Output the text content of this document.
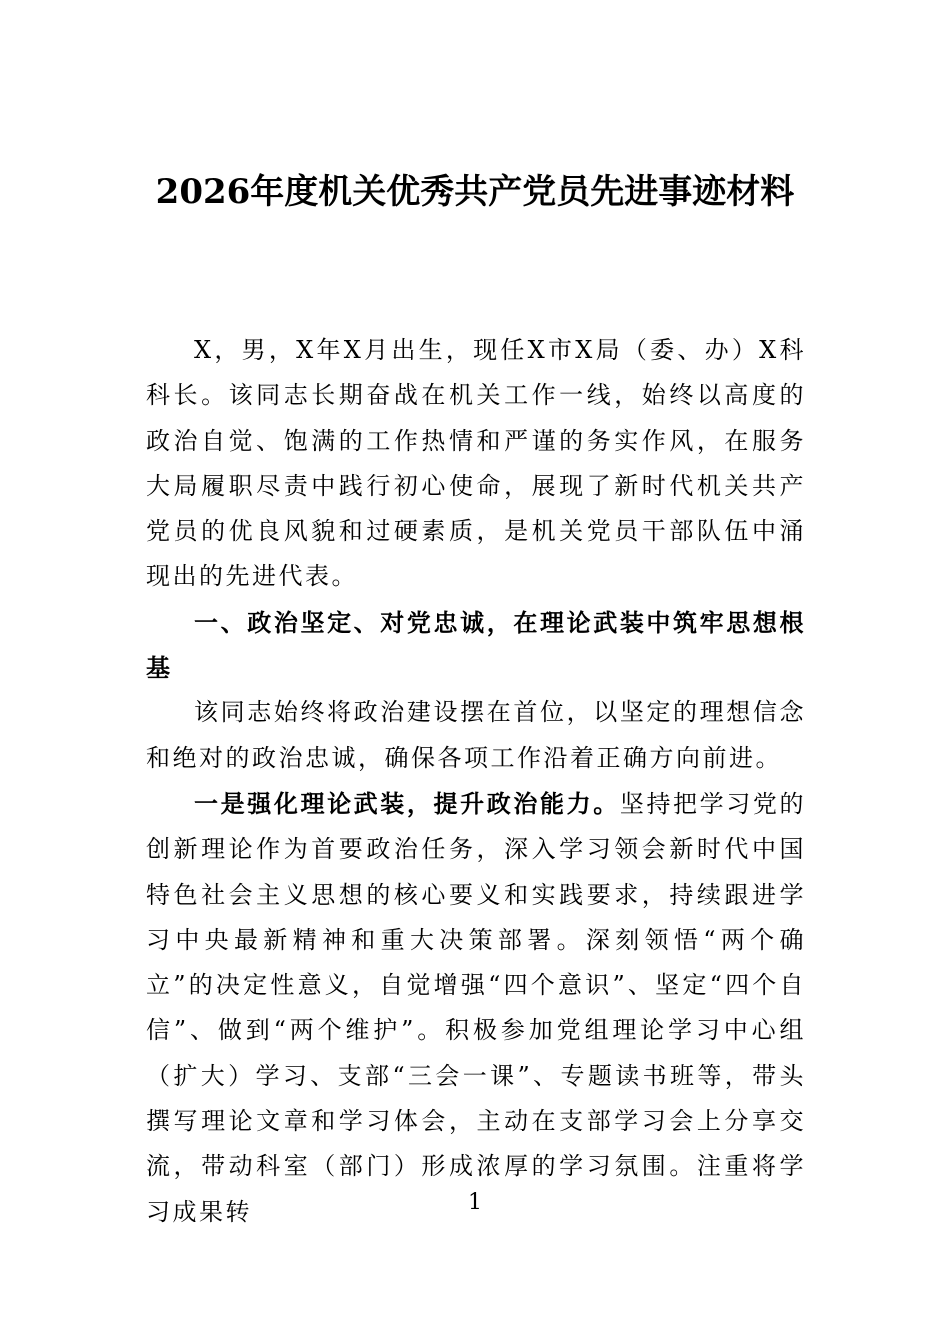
2026年度机关优秀共产党员先进事迹材料

X，男，X年X月出生，现任X市X局（委、办）X科科长。该同志长期奋战在机关工作一线，始终以高度的政治自觉、饱满的工作热情和严谨的务实作风，在服务大局履职尽责中践行初心使命，展现了新时代机关共产党员的优良风貌和过硬素质，是机关党员干部队伍中涌现出的先进代表。

一、政治坚定、对党忠诚，在理论武装中筑牢思想根基

该同志始终将政治建设摆在首位，以坚定的理想信念和绝对的政治忠诚，确保各项工作沿着正确方向前进。

一是强化理论武装，提升政治能力。坚持把学习党的创新理论作为首要政治任务，深入学习领会新时代中国特色社会主义思想的核心要义和实践要求，持续跟进学习中央最新精神和重大决策部署。深刻领悟“两个确立”的决定性意义，自觉增强“四个意识”、坚定“四个自信”、做到“两个维护”。积极参加党组理论学习中心组（扩大）学习、支部“三会一课”、专题读书班等，带头撰写理论文章和学习体会，主动在支部学习会上分享交流，带动科室（部门）形成浓厚的学习氛围。注重将学习成果转	1
